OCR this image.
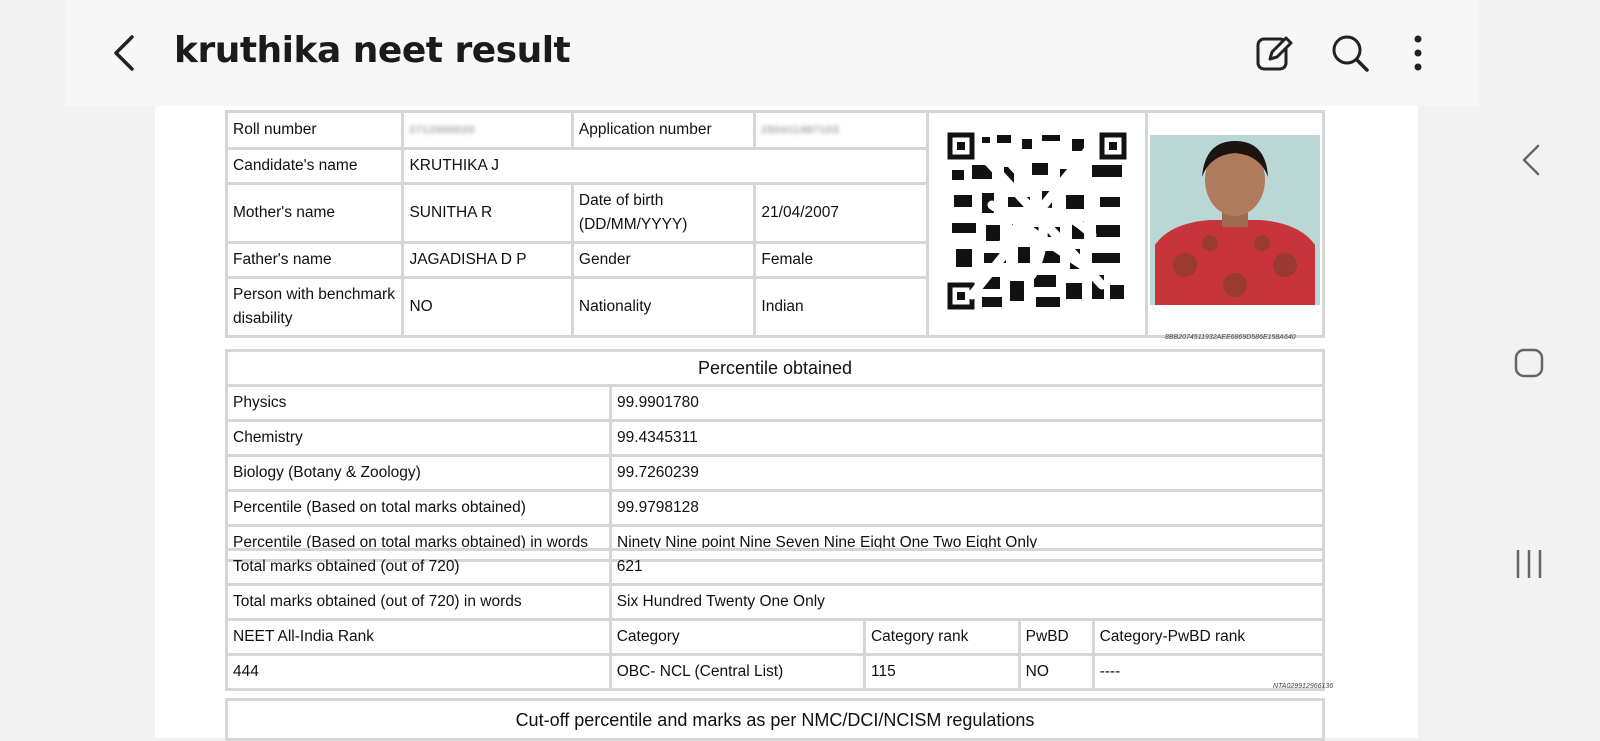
kruthika neet result
Roll number	2712000020	Application number	250411487103		
Candidate's name	KRUTHIKA J				
Mother's name	SUNITHA R	Date of birth (DD/MM/YYYY)	21/04/2007		
Father's name	JAGADISHA D P	Gender	Female		
Person with benchmark disability	NO	Nationality	Indian		
8BB2074511932AEE6869D586E158A640
Percentile obtained	
Physics	99.9901780
Chemistry	99.4345311
Biology (Botany & Zoology)	99.7260239
Percentile (Based on total marks obtained)	99.9798128
Percentile (Based on total marks obtained) in words	Ninety Nine point Nine Seven Nine Eight One Two Eight Only
Total marks obtained (out of 720)	621			
Total marks obtained (out of 720) in words	Six Hundred Twenty One Only			
NEET All-India Rank	Category	Category rank	PwBD	Category-PwBD rank
444	OBC- NCL (Central List)	115	NO	----
NTA029912966136
Cut-off percentile and marks as per NMC/DCI/NCISM regulations
